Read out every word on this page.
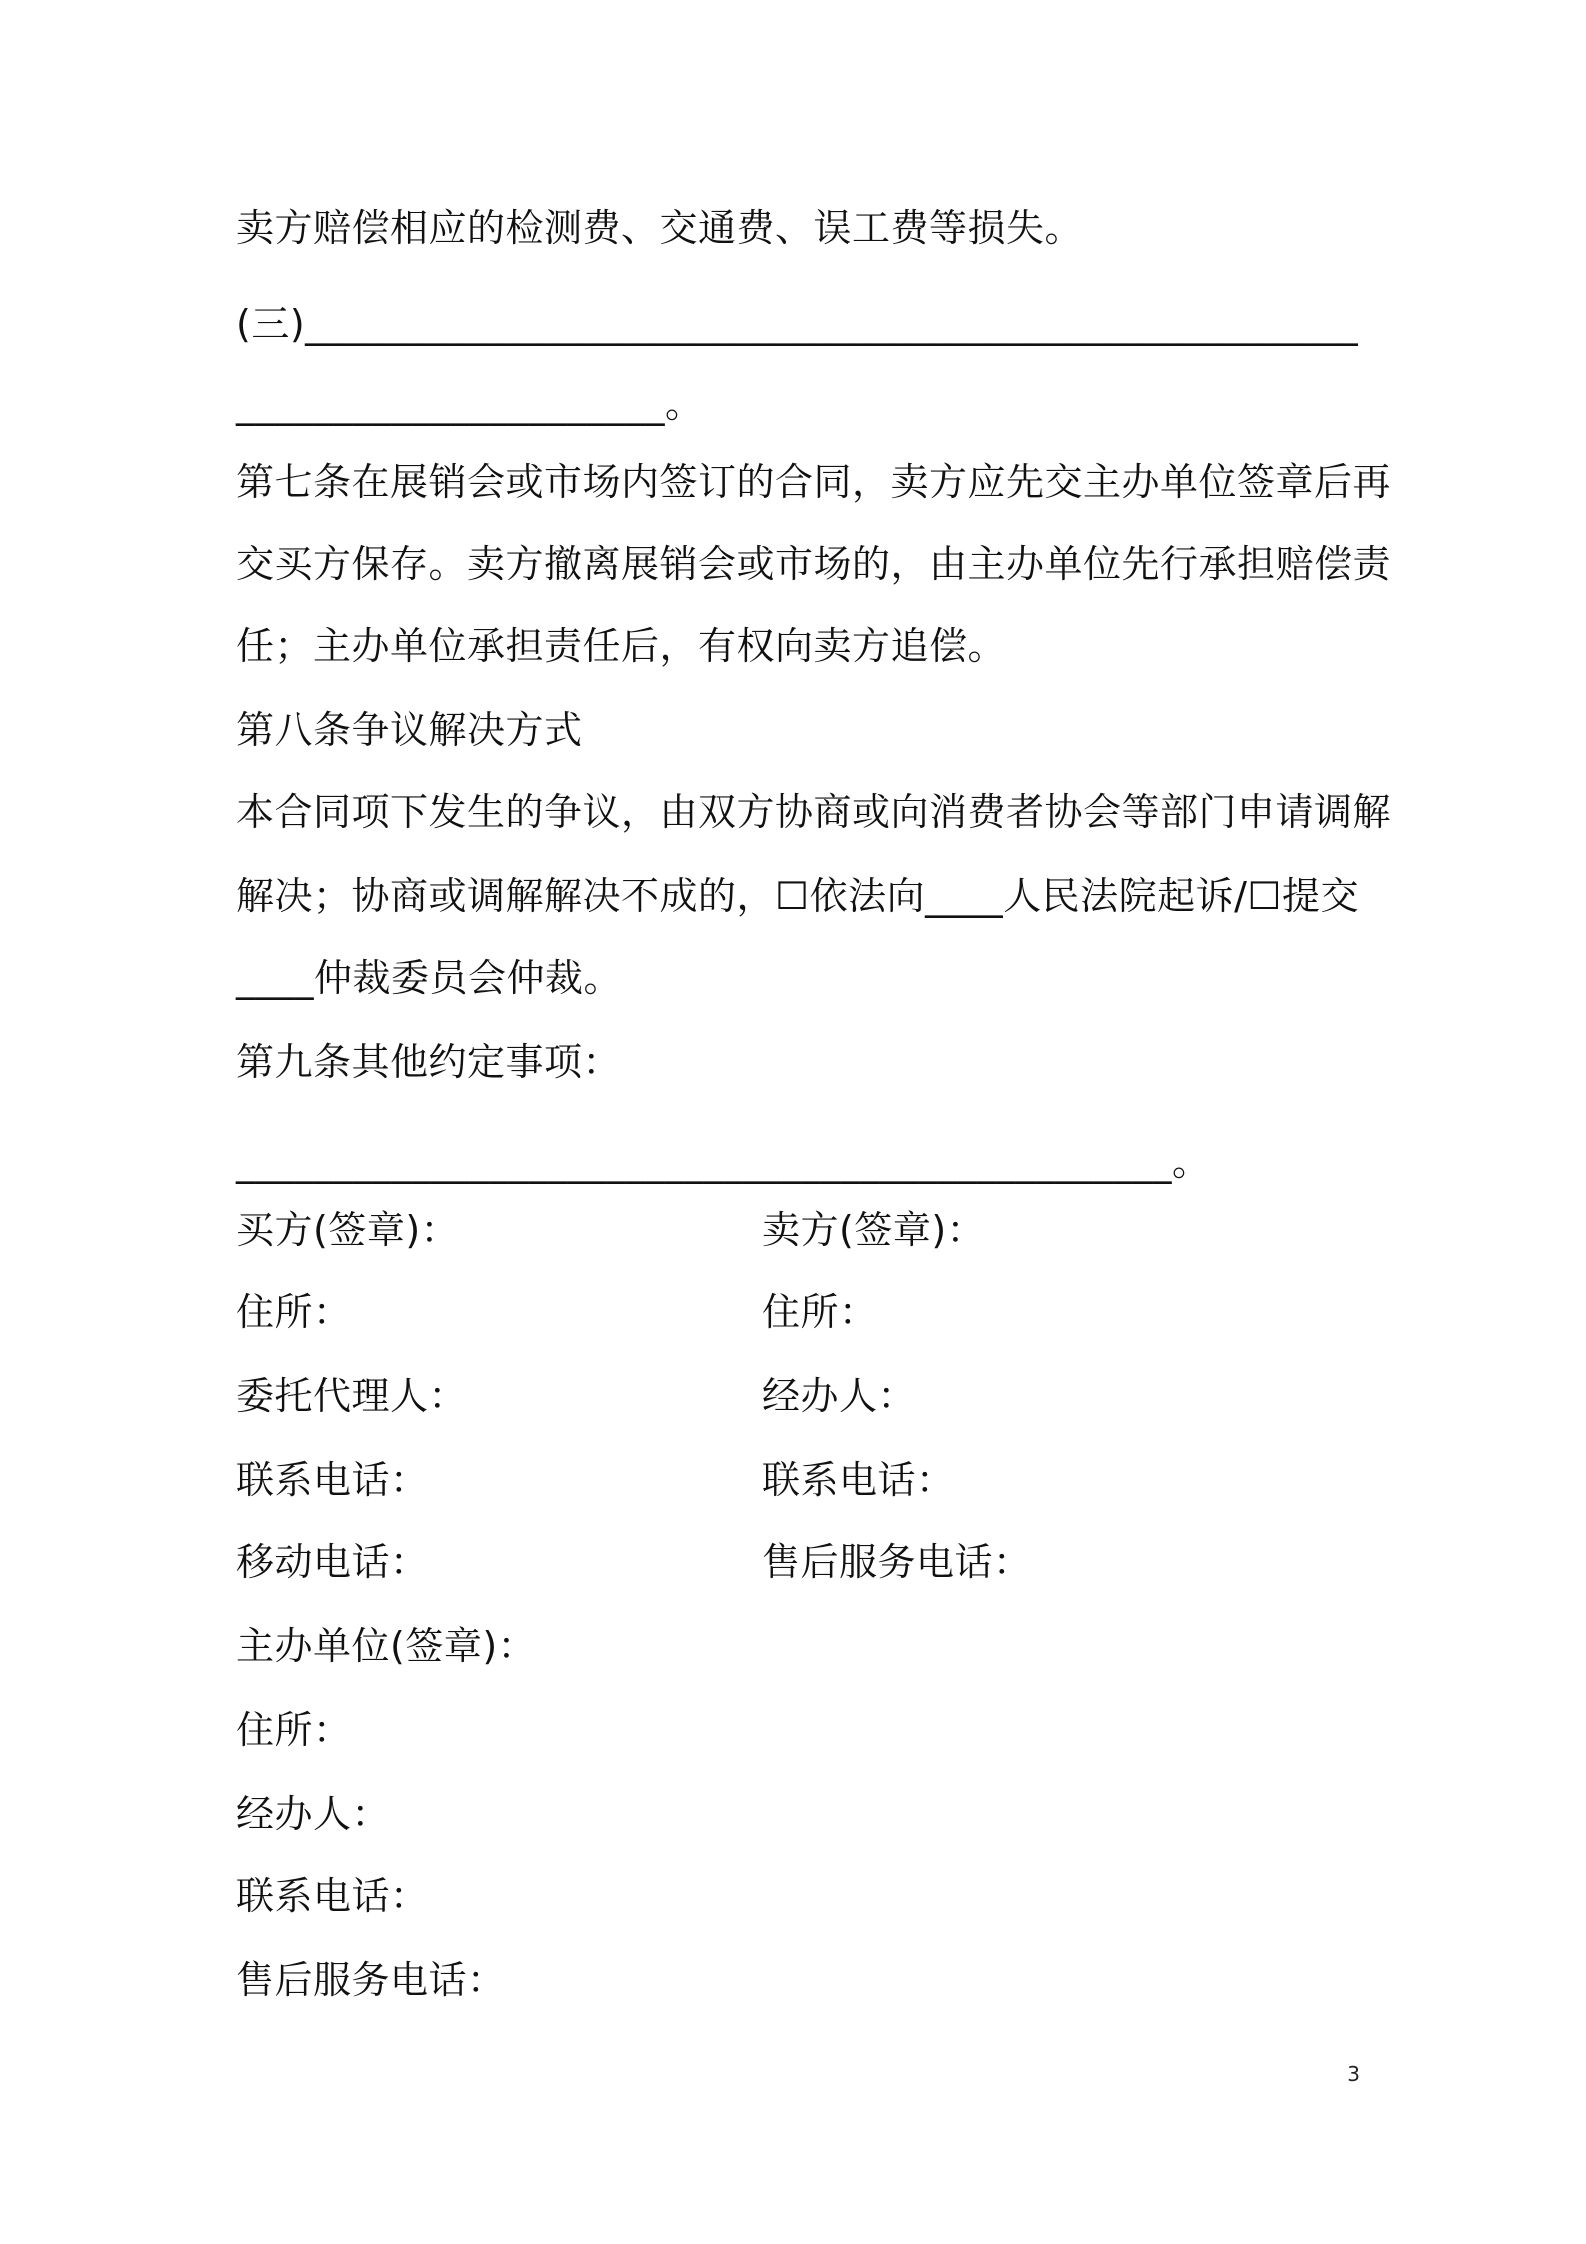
卖方赔偿相应的检测费、交通费、误工费等损失。
(三)______________________________________________________
______________________。
第七条在展销会或市场内签订的合同，卖方应先交主办单位签章后再
交买方保存。卖方撤离展销会或市场的，由主办单位先行承担赔偿责
任；主办单位承担责任后，有权向卖方追偿。
第八条争议解决方式
本合同项下发生的争议，由双方协商或向消费者协会等部门申请调解
解决；协商或调解解决不成的，☐依法向____人民法院起诉/☐提交
____仲裁委员会仲裁。
第九条其他约定事项：
________________________________________________。
买方(签章)：	卖方(签章)：
住所：	住所：
委托代理人：	经办人：
联系电话：	联系电话：
移动电话：	售后服务电话：
主办单位(签章)：
住所：
经办人：
联系电话：
售后服务电话：
3
